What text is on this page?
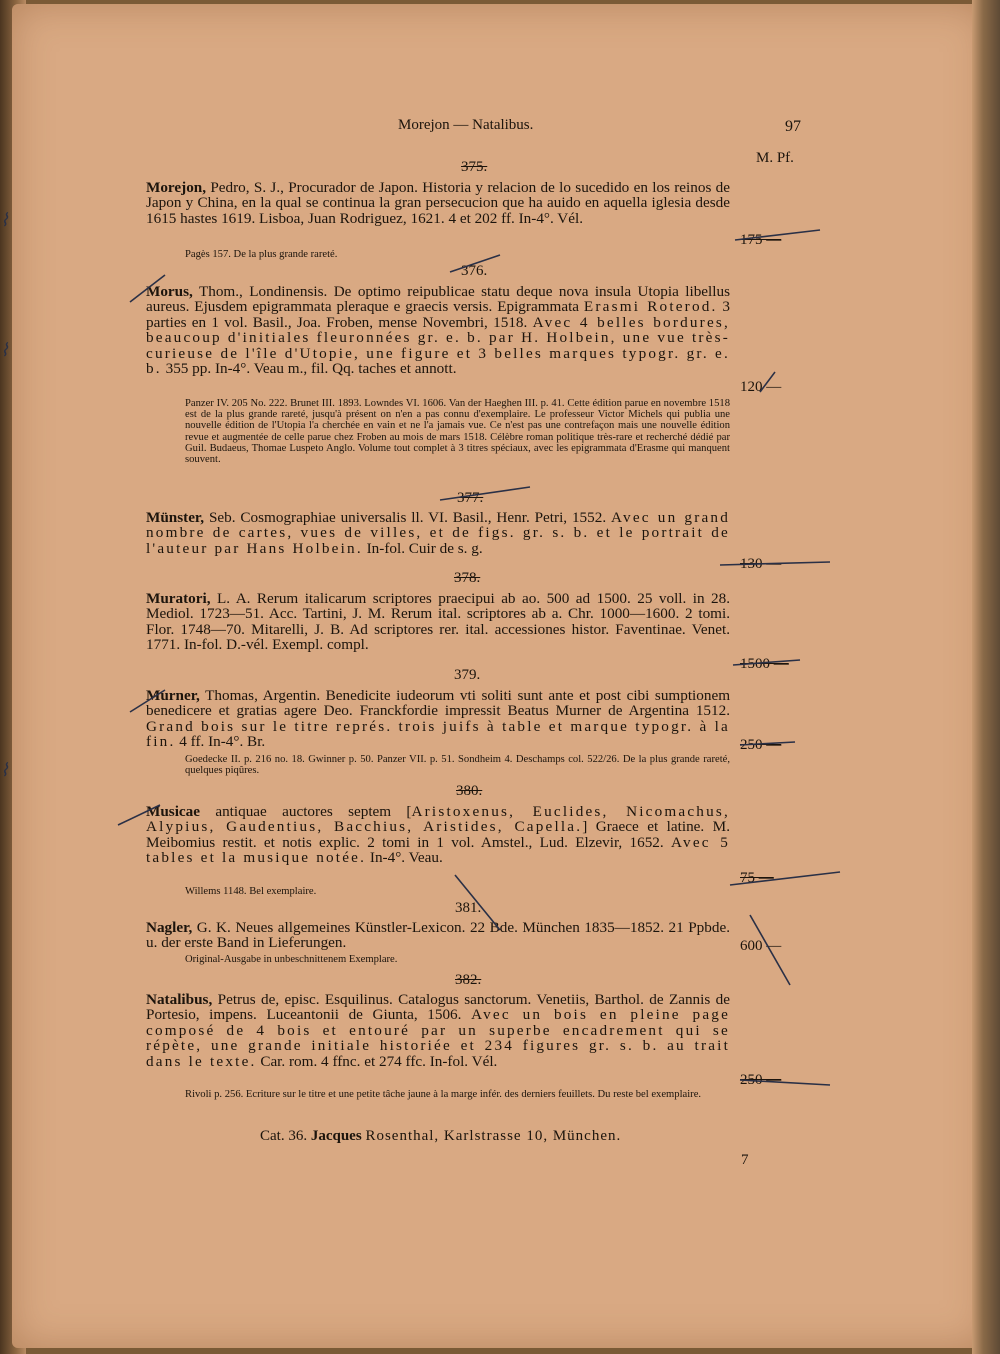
⌇
⌇
⌇
Morejon — Natalibus.	97
M. Pf.
375.
Morejon, Pedro, S. J., Procurador de Japon. Historia y relacion de lo sucedido en los reinos de Japon y China, en la qual se continua la gran persecucion que ha auido en aquella iglesia desde 1615 hastes 1619. Lisboa, Juan Rodriguez, 1621. 4 et 202 ff. In-4°. Vél.
Pagès 157. De la plus grande rareté.
175 —
376.
Morus, Thom., Londinensis. De optimo reipublicae statu deque nova insula Utopia libellus aureus. Ejusdem epigrammata pleraque e graecis versis. Epigrammata Erasmi Roterod. 3 parties en 1 vol. Basil., Joa. Froben, mense Novembri, 1518. Avec 4 belles bordures, beaucoup d'initiales fleuronnées gr. e. b. par H. Holbein, une vue très-curieuse de l'île d'Utopie, une figure et 3 belles marques typogr. gr. e. b. 355 pp. In-4°. Veau m., fil. Qq. taches et annott.
Panzer IV. 205 No. 222. Brunet III. 1893. Lowndes VI. 1606. Van der Haeghen III. p. 41. Cette édition parue en novembre 1518 est de la plus grande rareté, jusqu'à présent on n'en a pas connu d'exemplaire. Le professeur Victor Michels qui publia une nouvelle édition de l'Utopia l'a cherchée en vain et ne l'a jamais vue. Ce n'est pas une contrefaçon mais une nouvelle édition revue et augmentée de celle parue chez Froben au mois de mars 1518. Célèbre roman politique très-rare et recherché dédié par Guil. Budaeus, Thomae Luspeto Anglo. Volume tout complet à 3 titres spéciaux, avec les epigrammata d'Erasme qui manquent souvent.
120 —
377.
Münster, Seb. Cosmographiae universalis ll. VI. Basil., Henr. Petri, 1552. Avec un grand nombre de cartes, vues de villes, et de figs. gr. s. b. et le portrait de l'auteur par Hans Holbein. In-fol. Cuir de s. g.
130 —
378.
Muratori, L. A. Rerum italicarum scriptores praecipui ab ao. 500 ad 1500. 25 voll. in 28. Mediol. 1723—51. Acc. Tartini, J. M. Rerum ital. scriptores ab a. Chr. 1000—1600. 2 tomi. Flor. 1748—70. Mitarelli, J. B. Ad scriptores rer. ital. accessiones histor. Faventinae. Venet. 1771. In-fol. D.-vél. Exempl. compl.
1500 —
379.
Murner, Thomas, Argentin. Benedicite iudeorum vti soliti sunt ante et post cibi sumptionem benedicere et gratias agere Deo. Franckfordie impressit Beatus Murner de Argentina 1512. Grand bois sur le titre représ. trois juifs à table et marque typogr. à la fin. 4 ff. In-4°. Br.
Goedecke II. p. 216 no. 18. Gwinner p. 50. Panzer VII. p. 51. Sondheim 4. Deschamps col. 522/26. De la plus grande rareté, quelques piqûres.
250 —
380.
Musicae antiquae auctores septem [Aristoxenus, Euclides, Nicomachus, Alypius, Gaudentius, Bacchius, Aristides, Capella.] Graece et latine. M. Meibomius restit. et notis explic. 2 tomi in 1 vol. Amstel., Lud. Elzevir, 1652. Avec 5 tables et la musique notée. In-4°. Veau.
Willems 1148. Bel exemplaire.
75 —
381.
Nagler, G. K. Neues allgemeines Künstler-Lexicon. 22 Bde. München 1835—1852. 21 Ppbde. u. der erste Band in Lieferungen.
Original-Ausgabe in unbeschnittenem Exemplare.
600 —
382.
Natalibus, Petrus de, episc. Esquilinus. Catalogus sanctorum. Venetiis, Barthol. de Zannis de Portesio, impens. Luceantonii de Giunta, 1506. Avec un bois en pleine page composé de 4 bois et entouré par un superbe encadrement qui se répète, une grande initiale historiée et 234 figures gr. s. b. au trait dans le texte. Car. rom. 4 ffnc. et 274 ffc. In-fol. Vél.
Rivoli p. 256. Ecriture sur le titre et une petite tâche jaune à la marge infér. des derniers feuillets. Du reste bel exemplaire.
250 —
Cat. 36. Jacques Rosenthal, Karlstrasse 10, München.
7
